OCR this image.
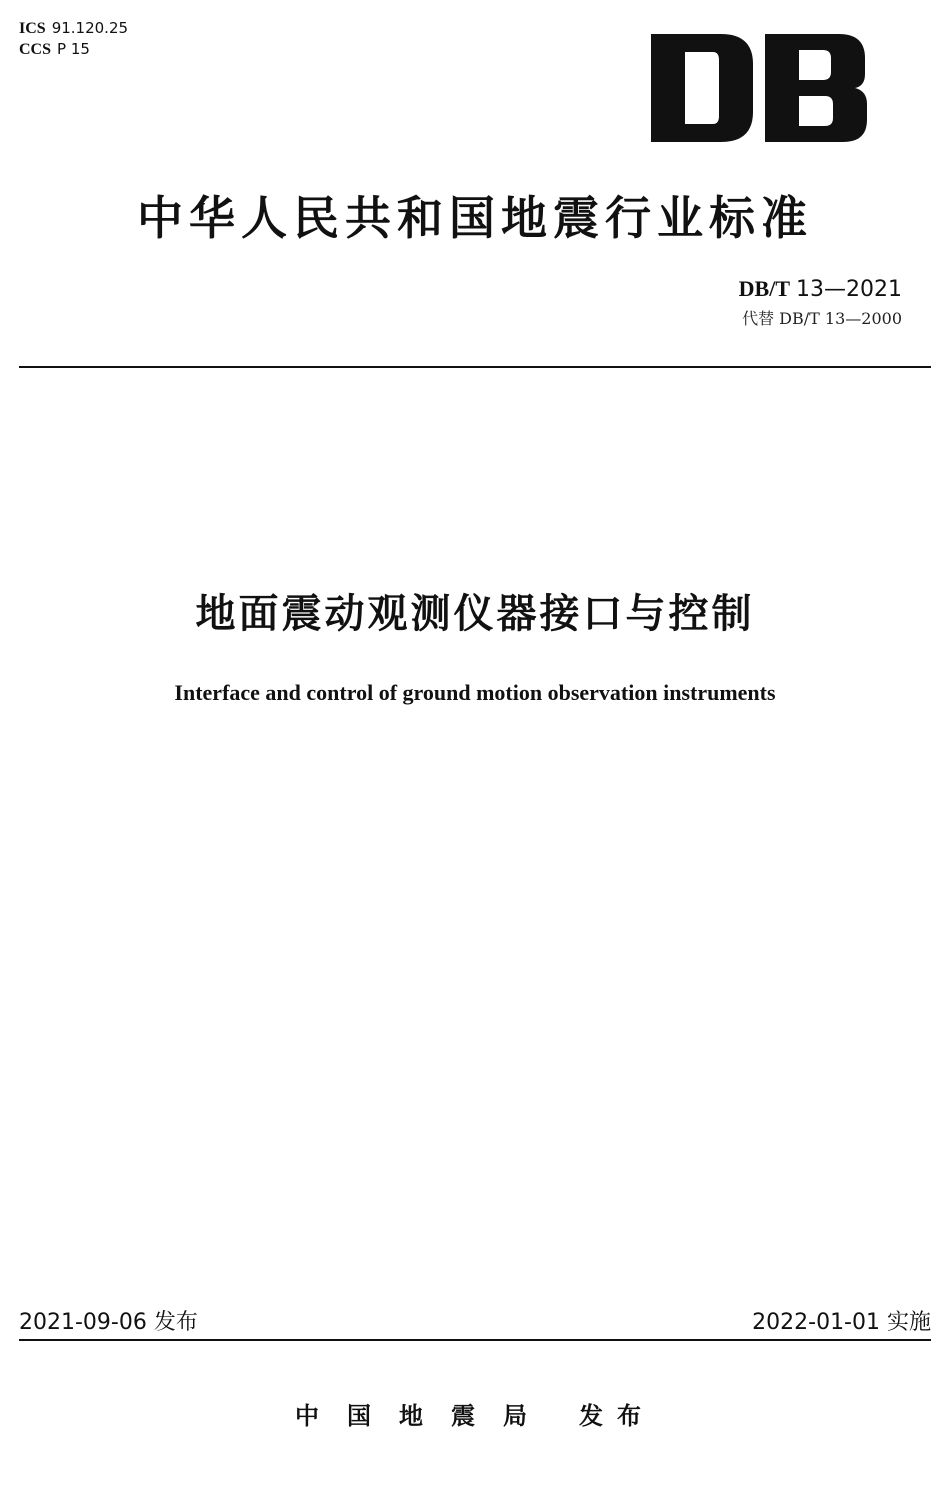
ICS 91.120.25
CCS P 15
中华人民共和国地震行业标准
DB/T 13—2021
代替 DB/T 13—2000
地面震动观测仪器接口与控制
Interface and control of ground motion observation instruments
2021-09-06 发布	2022-01-01 实施
中国地震局 发布
